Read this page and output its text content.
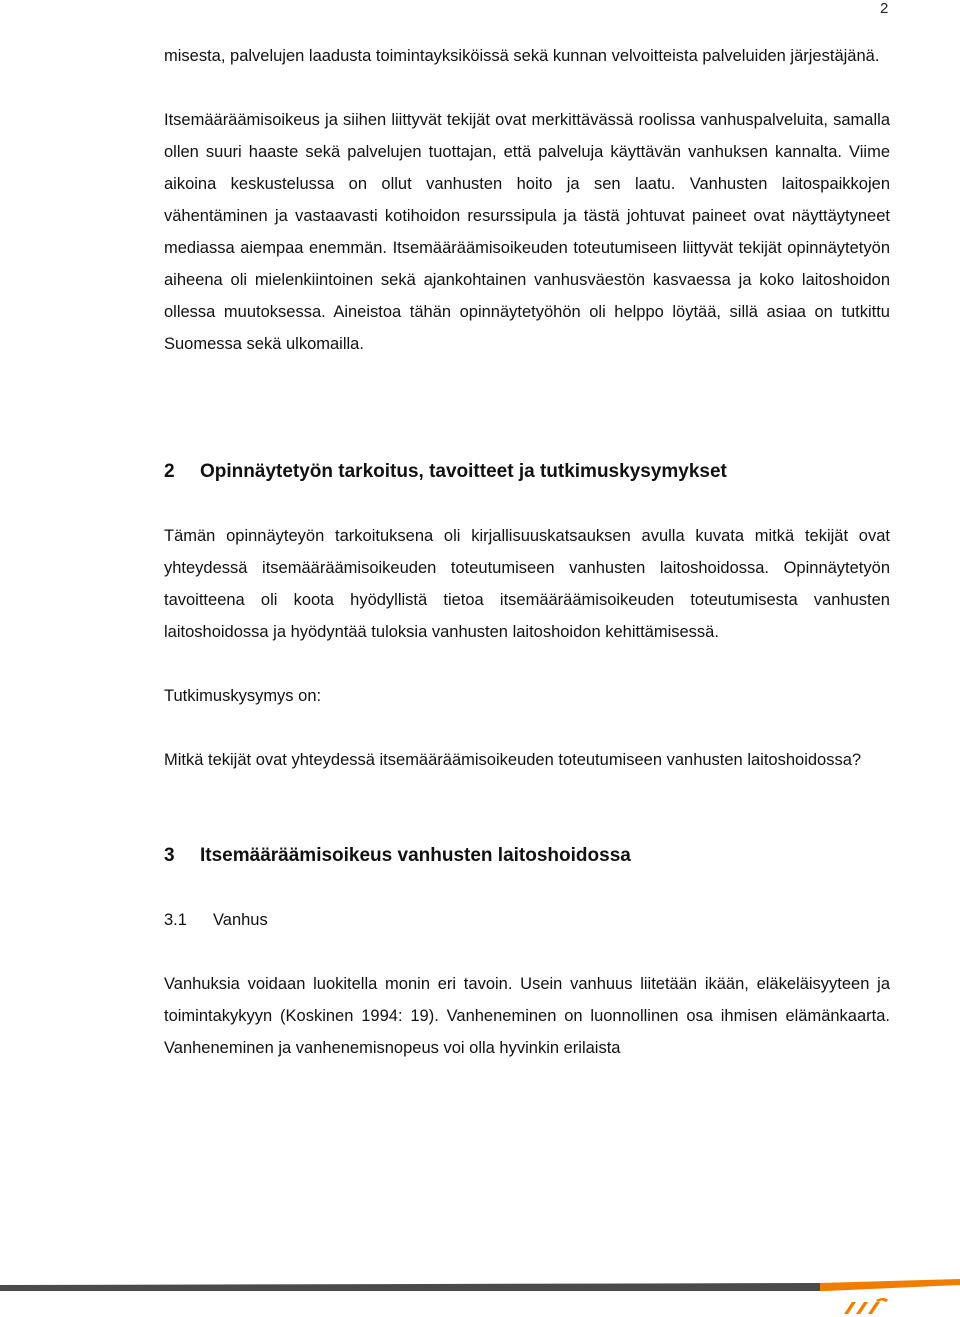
2

misesta, palvelujen laadusta toimintayksiköissä sekä kunnan velvoitteista palveluiden järjestäjänä.

Itsemääräämisoikeus ja siihen liittyvät tekijät ovat merkittävässä roolissa vanhuspalveluita, samalla ollen suuri haaste sekä palvelujen tuottajan, että palveluja käyttävän vanhuksen kannalta. Viime aikoina keskustelussa on ollut vanhusten hoito ja sen laatu. Vanhusten laitospaikkojen vähentäminen ja vastaavasti kotihoidon resurssipula ja tästä johtuvat paineet ovat näyttäytyneet mediassa aiempaa enemmän. Itsemääräämisoikeuden toteutumiseen liittyvät tekijät opinnäytetyön aiheena oli mielenkiintoinen sekä ajankohtainen vanhusväestön kasvaessa ja koko laitoshoidon ollessa muutoksessa. Aineistoa tähän opinnäytetyöhön oli helppo löytää, sillä asiaa on tutkittu Suomessa sekä ulkomailla.

2 Opinnäytetyön tarkoitus, tavoitteet ja tutkimuskysymykset

Tämän opinnäyteyön tarkoituksena oli kirjallisuuskatsauksen avulla kuvata mitkä tekijät ovat yhteydessä itsemääräämisoikeuden toteutumiseen vanhusten laitoshoidossa. Opinnäytetyön tavoitteena oli koota hyödyllistä tietoa itsemääräämisoikeuden toteutumisesta vanhusten laitoshoidossa ja hyödyntää tuloksia vanhusten laitoshoidon kehittämisessä.

Tutkimuskysymys on:

Mitkä tekijät ovat yhteydessä itsemääräämisoikeuden toteutumiseen vanhusten laitoshoidossa?

3 Itsemääräämisoikeus vanhusten laitoshoidossa
3.1 Vanhus

Vanhuksia voidaan luokitella monin eri tavoin. Usein vanhuus liitetään ikään, eläkeläisyyteen ja toimintakykyyn (Koskinen 1994: 19). Vanheneminen on luonnollinen osa ihmisen elämänkaarta. Vanheneminen ja vanhenemisnopeus voi olla hyvinkin erilaista
